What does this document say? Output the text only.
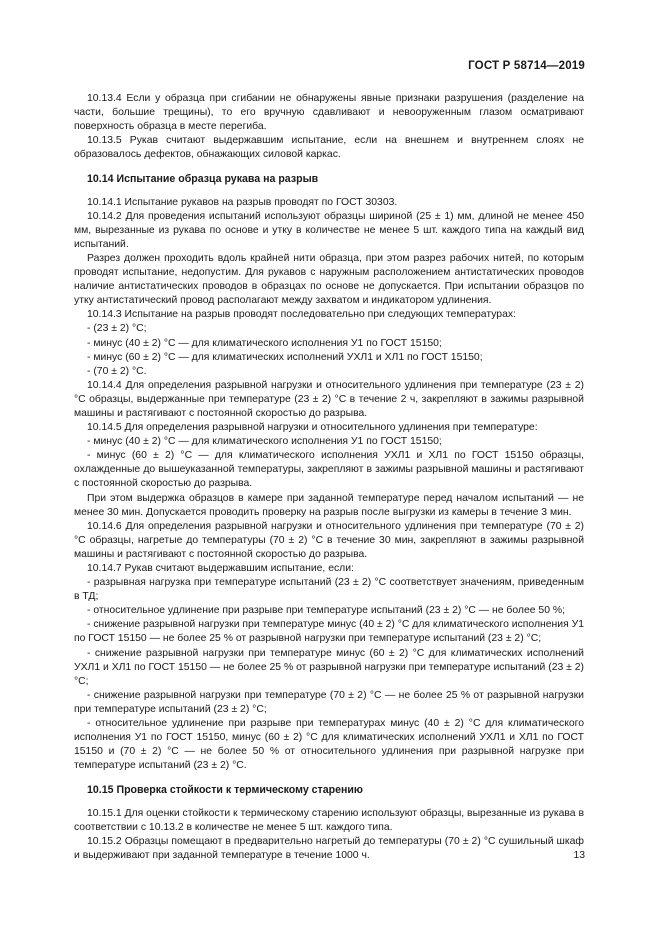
ГОСТ Р 58714—2019
10.13.4 Если у образца при сгибании не обнаружены явные признаки разрушения (разделение на части, большие трещины), то его вручную сдавливают и невооруженным глазом осматривают поверхность образца в месте перегиба.
10.13.5 Рукав считают выдержавшим испытание, если на внешнем и внутреннем слоях не образовалось дефектов, обнажающих силовой каркас.
10.14 Испытание образца рукава на разрыв
10.14.1 Испытание рукавов на разрыв проводят по ГОСТ 30303.
10.14.2 Для проведения испытаний используют образцы шириной (25 ± 1) мм, длиной не менее 450 мм, вырезанные из рукава по основе и утку в количестве не менее 5 шт. каждого типа на каждый вид испытаний.
Разрез должен проходить вдоль крайней нити образца, при этом разрез рабочих нитей, по которым проводят испытание, недопустим. Для рукавов с наружным расположением антистатических проводов наличие антистатических проводов в образцах по основе не допускается. При испытании образцов по утку антистатический провод располагают между захватом и индикатором удлинения.
10.14.3 Испытание на разрыв проводят последовательно при следующих температурах:
- (23 ± 2) °С;
- минус (40 ± 2) °С — для климатического исполнения У1 по ГОСТ 15150;
- минус (60 ± 2) °С — для климатических исполнений УХЛ1 и ХЛ1 по ГОСТ 15150;
- (70 ± 2) °С.
10.14.4 Для определения разрывной нагрузки и относительного удлинения при температуре (23 ± 2) °С образцы, выдержанные при температуре (23 ± 2) °С в течение 2 ч, закрепляют в зажимы разрывной машины и растягивают с постоянной скоростью до разрыва.
10.14.5 Для определения разрывной нагрузки и относительного удлинения при температуре:
- минус (40 ± 2) °С — для климатического исполнения У1 по ГОСТ 15150;
- минус (60 ± 2) °С — для климатического исполнения УХЛ1 и ХЛ1 по ГОСТ 15150 образцы, охлажденные до вышеуказанной температуры, закрепляют в зажимы разрывной машины и растягивают с постоянной скоростью до разрыва.
При этом выдержка образцов в камере при заданной температуре перед началом испытаний — не менее 30 мин. Допускается проводить проверку на разрыв после выгрузки из камеры в течение 3 мин.
10.14.6 Для определения разрывной нагрузки и относительного удлинения при температуре (70 ± 2) °С образцы, нагретые до температуры (70 ± 2) °С в течение 30 мин, закрепляют в зажимы разрывной машины и растягивают с постоянной скоростью до разрыва.
10.14.7 Рукав считают выдержавшим испытание, если:
- разрывная нагрузка при температуре испытаний (23 ± 2) °С соответствует значениям, приведенным в ТД;
- относительное удлинение при разрыве при температуре испытаний (23 ± 2) °С — не более 50 %;
- снижение разрывной нагрузки при температуре минус (40 ± 2) °С для климатического исполнения У1 по ГОСТ 15150 — не более 25 % от разрывной нагрузки при температуре испытаний (23 ± 2) °С;
- снижение разрывной нагрузки при температуре минус (60 ± 2) °С для климатических исполнений УХЛ1 и ХЛ1 по ГОСТ 15150 — не более 25 % от разрывной нагрузки при температуре испытаний (23 ± 2) °С;
- снижение разрывной нагрузки при температуре (70 ± 2) °С — не более 25 % от разрывной нагрузки при температуре испытаний (23 ± 2) °С;
- относительное удлинение при разрыве при температурах минус (40 ± 2) °С для климатического исполнения У1 по ГОСТ 15150, минус (60 ± 2) °С для климатических исполнений УХЛ1 и ХЛ1 по ГОСТ 15150 и (70 ± 2) °С — не более 50 % от относительного удлинения при разрывной нагрузке при температуре испытаний (23 ± 2) °С.
10.15 Проверка стойкости к термическому старению
10.15.1 Для оценки стойкости к термическому старению используют образцы, вырезанные из рукава в соответствии с 10.13.2 в количестве не менее 5 шт. каждого типа.
10.15.2 Образцы помещают в предварительно нагретый до температуры (70 ± 2) °С сушильный шкаф и выдерживают при заданной температуре в течение 1000 ч.	13
